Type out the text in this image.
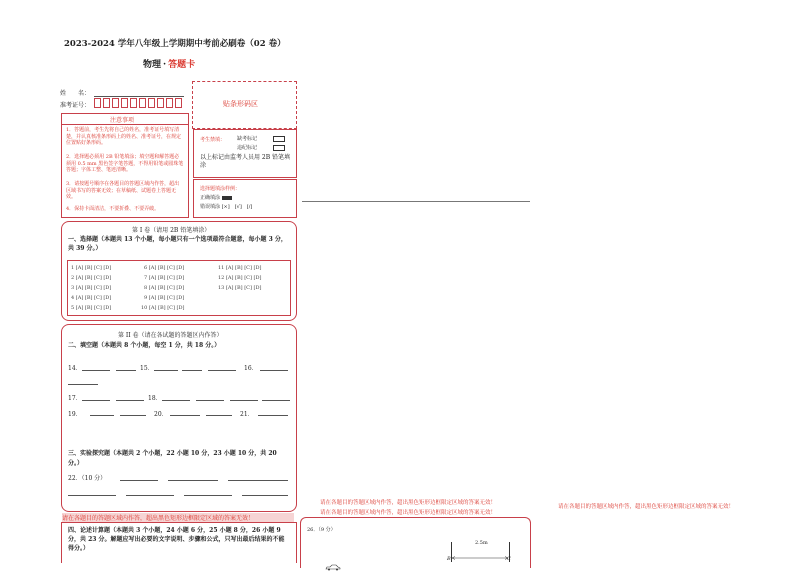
2023-2024 学年八年级上学期期中考前必刷卷（02 卷）
物理 · 答题卡
姓　　名：
准考证号：	贴条形码区
注意事项
1．答题前，考生先将自己的姓名，准考证号填写清楚，并认真核准条形码上的姓名、准考证号，在规定位置贴好条形码。
2．选择题必须用 2B 铅笔填涂；填空题和解答题必须用 0.5 mm 黑色签字笔答题，不得用铅笔或圆珠笔答题；字体工整、笔迹清晰。
3．请按题号顺序在各题目的答题区域内作答，超出区域书写的答案无效；在草稿纸、试题卷上答题无效。
4．保持卡面清洁，不要折叠、不要弄破。
考生禁填： 缺考标记
违纪标记
以上标记由监考人员用 2B 铅笔填涂
选择题填涂样例：
正确填涂
错误填涂 [×]　[√]　[/]
第 I 卷（请用 2B 铅笔填涂）
一、选择题（本题共 13 个小题，每小题只有一个选项最符合题意，每小题 3 分，共 39 分。）
1 [A] [B] [C] [D]
2 [A] [B] [C] [D]
3 [A] [B] [C] [D]
4 [A] [B] [C] [D]
5 [A] [B] [C] [D]
6 [A] [B] [C] [D]
7 [A] [B] [C] [D]
8 [A] [B] [C] [D]
9 [A] [B] [C] [D]
10 [A] [B] [C] [D]
11 [A] [B] [C] [D]
12 [A] [B] [C] [D]
13 [A] [B] [C] [D]
第 II 卷（请在各试题的答题区内作答）
二、填空题（本题共 8 个小题，每空 1 分，共 18 分。）
14．	15．	16．
17．	18．
19．	20．	21．
三、实验探究题（本题共 2 个小题，22 小题 10 分，23 小题 10 分，共 20 分。）
22．（10 分）
请在各题目的答题区域内作答，超出黑色矩形边框限定区域的答案无效！
四、论述计算题（本题共 3 个小题，24 小题 6 分，25 小题 8 分，26 小题 9 分，共 23 分。解题应写出必要的文字说明、步骤和公式，只写出最后结果的不能得分。）
请在各题目的答题区域内作答，超出黑色矩形边框限定区域的答案无效！
请在各题目的答题区域内作答，超出黑色矩形边框限定区域的答案无效！
26．（9 分）
2.5m
B	C
请在各题目的答题区域内作答，超出黑色矩形边框限定区域的答案无效！
